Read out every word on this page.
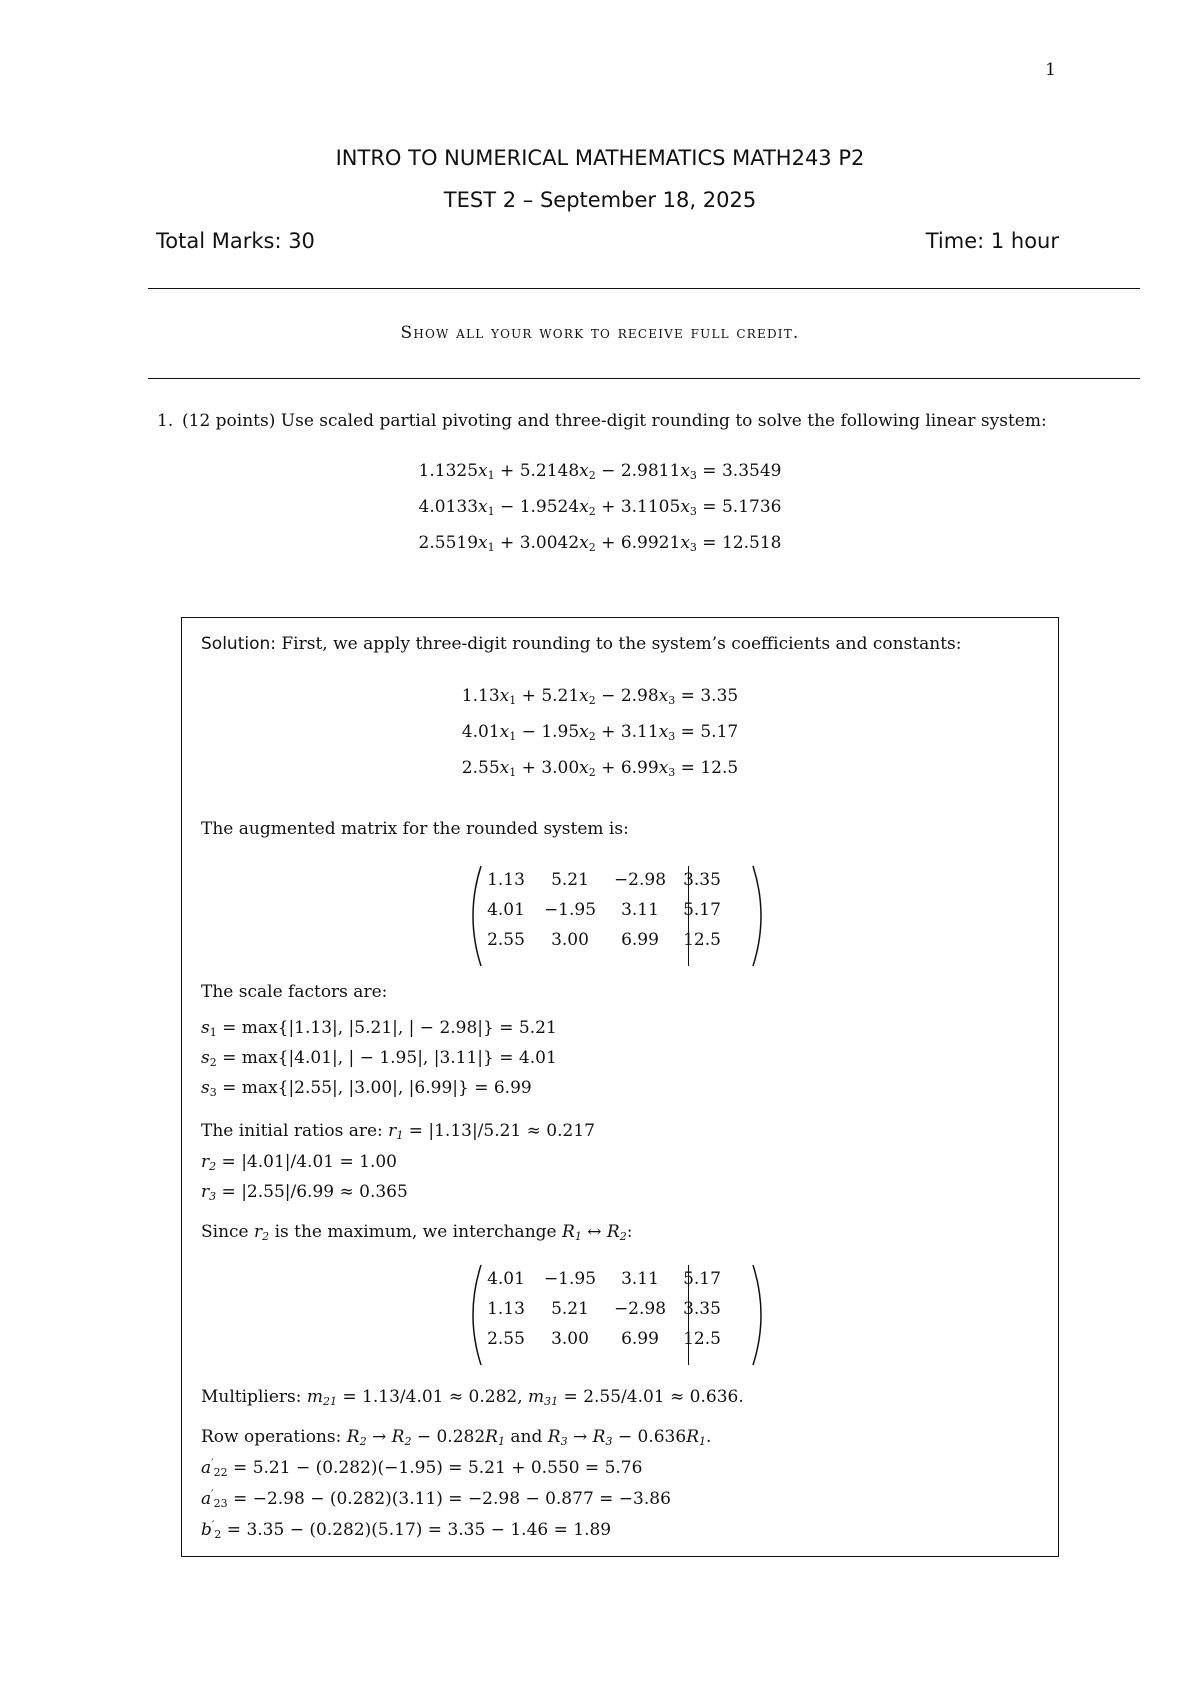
1
INTRO TO NUMERICAL MATHEMATICS MATH243 P2
TEST 2 – September 18, 2025
Total Marks: 30	Time: 1 hour
Show all your work to receive full credit.
1. (12 points) Use scaled partial pivoting and three-digit rounding to solve the following linear system:
$1.1325x_1 + 5.2148x_2 - 2.9811x_3 = 3.3549$
$4.0133x_1 - 1.9524x_2 + 3.1105x_3 = 5.1736$
$2.5519x_1 + 3.0042x_2 + 6.9921x_3 = 12.518$
Solution: First, we apply three-digit rounding to the system’s coefficients and constants:
$1.13x_1 + 5.21x_2 - 2.98x_3 = 3.35$
$4.01x_1 - 1.95x_2 + 3.11x_3 = 5.17$
$2.55x_1 + 3.00x_2 + 6.99x_3 = 12.5$
The augmented matrix for the rounded system is:
1.13	5.21	−2.98	3.35
4.01	−1.95	3.11	5.17
2.55	3.00	6.99	12.5
The scale factors are:
$s_1 = \max\{|1.13|$, |5.21|, | − 2.98|} = 5.21
$s_2 = \max\{|4.01|$, | − 1.95|, |3.11|} = 4.01
$s_3 = \max\{|2.55|$, |3.00|, |6.99|} = 6.99
The initial ratios are: $r_1 = |1.13|/5.21 \approx 0.217$
$r_2 = |4.01|/4.01 = 1.00$
$r_3 = |2.55|/6.99 \approx 0.365$
Since $r_2$ is the maximum, we interchange $R_1$ ↔ $R_2$:
4.01	−1.95	3.11	5.17
1.13	5.21	−2.98	3.35
2.55	3.00	6.99	12.5
Multipliers: $m_{21} = 1.13/4.01 \approx 0.282$, $m_{31} = 2.55/4.01 \approx 0.636$.
Row operations: $R_2 \to R_2 - 0.282R_1$ and $R_3 \to R_3 - 0.636R_1$.
$a'_{22} = 5.21 - (0.282)(-1.95) = 5.21 + 0.550 = 5.76$
$a'_{23} = -2.98 - (0.282)(3.11) = -2.98 - 0.877 = -3.86$
$b'_2 = 3.35 - (0.282)(5.17) = 3.35 - 1.46 = 1.89$
